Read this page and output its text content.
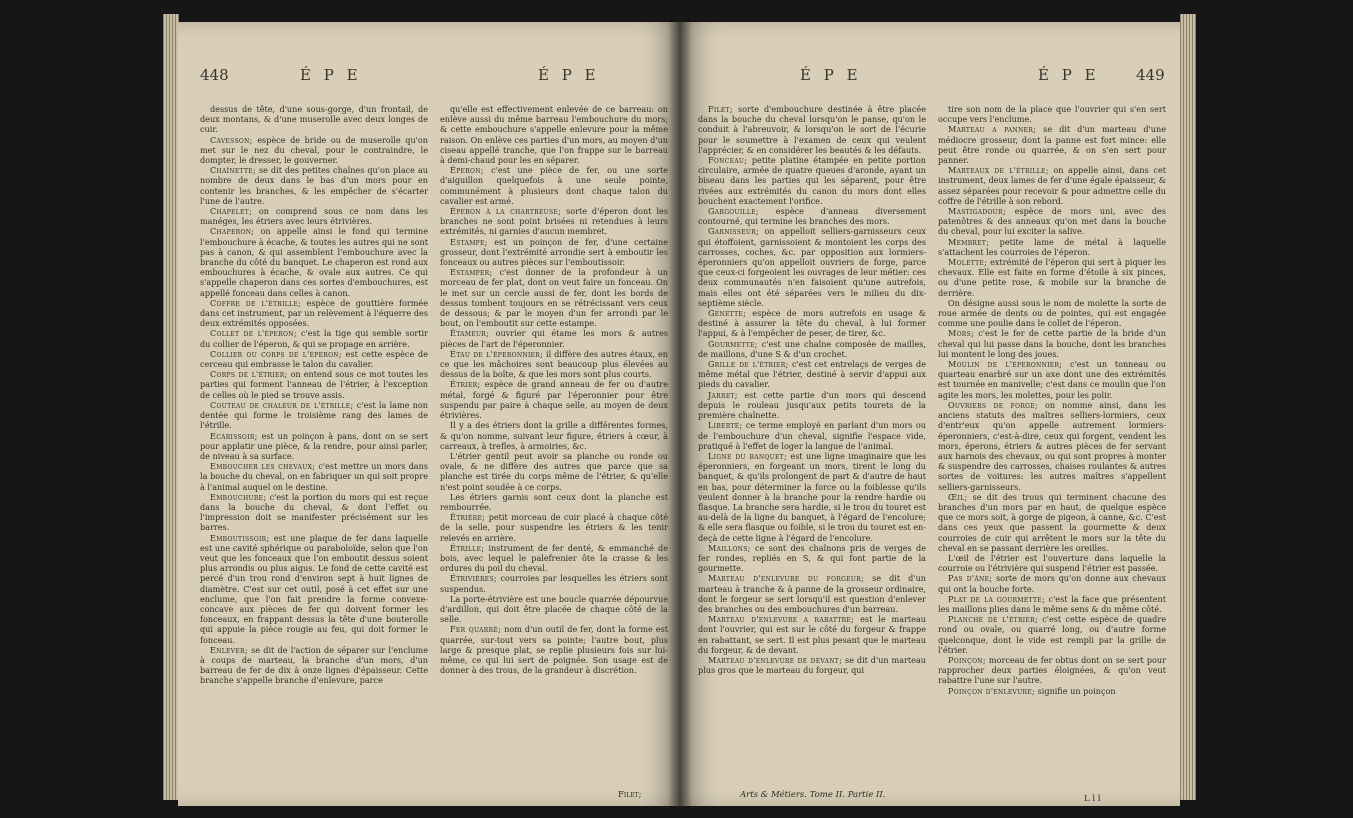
448	É P E	É P E

dessus de tête, d'une sous-gorge, d'un frontail, de deux montans, & d'une muserolle avec deux longes de cuir.

Cavesson; espèce de bride ou de muserolle qu'on met sur le nez du cheval, pour le contraindre, le dompter, le dresser, le gouverner.

Chaînette; se dit des petites chaînes qu'on place au nombre de deux dans le bas d'un mors pour en contenir les branches, & les empêcher de s'écarter l'une de l'autre.

Chapelet; on comprend sous ce nom dans les manéges, les étriers avec leurs étrivières.

Chaperon; on appelle ainsi le fond qui termine l'embouchure à écache, & toutes les autres qui ne sont pas à canon, & qui assemblent l'embouchure avec la branche du côté du banquet. Le chaperon est rond aux embouchures à écache, & ovale aux autres. Ce qui s'appelle chaperon dans ces sortes d'embouchures, est appellé fonceau dans celles à canon.

Coffre de l'étrille; espèce de gouttière formée dans cet instrument, par un relèvement à l'équerre des deux extrémités opposées.

Collet de l'éperon; c'est la tige qui semble sortir du collier de l'éperon, & qui se propage en arrière.

Collier ou corps de l'éperon; est cette espèce de cerceau qui embrasse le talon du cavalier.

Corps de l'étrier; on entend sous ce mot toutes les parties qui forment l'anneau de l'étrier, à l'exception de celles où le pied se trouve assis.

Couteau de chaleur de l'étrille; c'est la lame non dentée qui forme le troisième rang des lames de l'étrille.

Ecarissoir; est un poinçon à pans, dont on se sert pour applatir une pièce, & la rendre, pour ainsi parler, de niveau à sa surface.

Emboucher les chevaux; c'est mettre un mors dans la bouche du cheval, on en fabriquer un qui soit propre à l'animal auquel on le destine.

Embouchure; c'est la portion du mors qui est reçue dans la bouche du cheval, & dont l'effet ou l'impression doit se manifester précisément sur les barres.

Emboutissoir; est une plaque de fer dans laquelle est une cavité sphérique ou paraboloïde, selon que l'on veut que les fonceaux que l'on emboutit dessus soient plus arrondis ou plus aigus. Le fond de cette cavité est percé d'un trou rond d'environ sept à huit lignes de diamètre. C'est sur cet outil, posé à cet effet sur une enclume, que l'on fait prendre la forme convexe-concave aux pièces de fer qui doivent former les fonceaux, en frappant dessus la tête d'une bouterolle qui appuie la pièce rougie au feu, qui doit former le fonceau.

Enlever; se dit de l'action de séparer sur l'enclume à coups de marteau, la branche d'un mors, d'un barreau de fer de dix à onze lignes d'épaisseur. Cette branche s'appelle branche d'enlevure, parce

qu'elle est effectivement enlevée de ce barreau: on enlève aussi du même barreau l'embouchure du mors; & cette embouchure s'appelle enlevure pour la même raison. On enlève ces parties d'un mors, au moyen d'un ciseau appellé tranche, que l'on frappe sur le barreau à demi-chaud pour les en séparer.

Éperon; c'est une pièce de fer, ou une sorte d'aiguillon quelquefois à une seule pointe, communément à plusieurs dont chaque talon du cavalier est armé.

Éperon à la chartreuse; sorte d'éperon dont les branches ne sont point brisées ni retendues à leurs extrémités, ni garnies d'aucun membret.

Estampe; est un poinçon de fer, d'une certaine grosseur, dont l'extrémité arrondie sert à emboutir les fonceaux ou autres pièces sur l'emboutissoir.

Estamper; c'est donner de la profondeur à un morceau de fer plat, dont on veut faire un fonceau. On le met sur un cercle aussi de fer, dont les bords de dessus tombent toujours en se rétrécissant vers ceux de dessous; & par le moyen d'un fer arrondi par le bout, on l'emboutit sur cette estampe.

Étameur; ouvrier qui étame les mors & autres pièces de l'art de l'éperonnier.

Étau de l'éperonnier; il diffère des autres étaux, en ce que les mâchoires sont beaucoup plus élevées au dessus de la boîte, & que les mors sont plus courts.

Étrier; espèce de grand anneau de fer ou d'autre métal, forgé & figuré par l'éperonnier pour être suspendu par paire à chaque selle, au moyen de deux étrivières.

Il y a des étriers dont la grille a différentes formes, & qu'on nomme, suivant leur figure, étriers à cœur, à carreaux, à trefles, à armoiries, &c.

L'étrier gentil peut avoir sa planche ou ronde ou ovale, & ne diffère des autres que parce que sa planche est tirée du corps même de l'étrier, & qu'elle n'est point soudée à ce corps.

Les étriers garnis sont ceux dont la planche est rembourrée.

Étrière; petit morceau de cuir placé à chaque côté de la selle, pour suspendre les étriers & les tenir relevés en arrière.

Étrille; instrument de fer denté, & emmanché de bois, avec lequel le palefrenier ôte la crasse & les ordures du poil du cheval.

Étrivières; courroies par lesquelles les étriers sont suspendus.

La porte-étrivière est une boucle quarrée dépourvue d'ardillon, qui doit être placée de chaque côté de la selle.

Fer quarré; nom d'un outil de fer, dont la forme est quarrée, sur-tout vers sa pointe; l'autre bout, plus large & presque plat, se replie plusieurs fois sur lui-même, ce qui lui sert de poignée. Son usage est de donner à des trous, de la grandeur à discrétion.

Filet;
É P E	É P E 449

Filet; sorte d'embouchure destinée à être placée dans la bouche du cheval lorsqu'on le panse, qu'on le conduit à l'abreuvoir, & lorsqu'on le sort de l'écurie pour le soumettre à l'examen de ceux qui veulent l'apprécier, & en considérer les beautés & les défauts.

Fonceau; petite platine étampée en petite portion circulaire, armée de quatre queues d'aronde, ayant un biseau dans les parties qui les séparent, pour être rivées aux extrémités du canon du mors dont elles bouchent exactement l'orifice.

Gargouille; espèce d'anneau diversement contourné, qui termine les branches des mors.

Garnisseur; on appelloit selliers-garnisseurs ceux qui étoffoient, garnissoient & montoient les corps des carrosses, coches, &c. par opposition aux lormiers-éperonniers qu'on appelloit ouvriers de forge, parce que ceux-ci forgeoient les ouvrages de leur métier: ces deux communautés n'en faisoient qu'une autrefois, mais elles ont été séparées vers le milieu du dix-septième siècle.

Genette; espèce de mors autrefois en usage & destiné à assurer la tête du cheval, à lui former l'appui, & à l'empêcher de peser, de tirer, &c.

Gourmette; c'est une chaîne composée de mailles, de maillons, d'une S & d'un crochet.

Grille de l'étrier; c'est cet entrelaçs de verges de même métal que l'étrier, destiné à servir d'appui aux pieds du cavalier.

Jarret; est cette partie d'un mors qui descend depuis le rouleau jusqu'aux petits tourets de la première chaînette.

Liberté; ce terme employé en parlant d'un mors ou de l'embouchure d'un cheval, signifie l'espace vide, pratiqué à l'effet de loger la langue de l'animal.

Ligne du banquet; est une ligne imaginaire que les éperonniers, en forgeant un mors, tirent le long du banquet, & qu'ils prolongent de part & d'autre de haut en bas, pour déterminer la force ou la foiblesse qu'ils veulent donner à la branche pour la rendre hardie ou flasque. La branche sera hardie, si le trou du touret est au-delà de la ligne du banquet, à l'égard de l'encolure; & elle sera flasque ou foible, si le trou du touret est en-deçà de cette ligne à l'égard de l'encolure.

Maillons; ce sont des chaînons pris de verges de fer rondes, repliés en S, & qui font partie de la gourmette.

Marteau d'enlevure du forgeur; se dit d'un marteau à tranche & à panne de la grosseur ordinaire, dont le forgeur se sert lorsqu'il est question d'enlever des branches ou des embouchures d'un barreau.

Marteau d'enlevure a rabattre; est le marteau dont l'ouvrier, qui est sur le côté du forgeur & frappe en rabattant, se sert. Il est plus pesant que le marteau du forgeur, & de devant.

Marteau d'enlevure de devant; se dit d'un marteau plus gros que le marteau du forgeur, qui

tire son nom de la place que l'ouvrier qui s'en sert occupe vers l'enclume.

Marteau a panner; se dit d'un marteau d'une médiocre grosseur, dont la panne est fort mince: elle peut être ronde ou quarrée, & on s'en sert pour panner.

Marteaux de l'étrille; on appelle ainsi, dans cet instrument, deux lames de fer d'une égale épaisseur, & assez séparées pour recevoir & pour admettre celle du coffre de l'étrille à son rebord.

Mastigadour; espèce de mors uni, avec des patenôtres & des anneaux qu'on met dans la bouche du cheval, pour lui exciter la salive.

Membret; petite lame de métal à laquelle s'attachent les courroies de l'éperon.

Molette; extrémité de l'éperon qui sert à piquer les chevaux. Elle est faite en forme d'étoile à six pinces, ou d'une petite rose, & mobile sur la branche de derrière.

On désigne aussi sous le nom de molette la sorte de roue armée de dents ou de pointes, qui est engagée comme une poulie dans le collet de l'éperon.

Mors; c'est le fer de cette partie de la bride d'un cheval qui lui passe dans la bouche, dont les branches lui montent le long des joues.

Moulin de l'éperonnier; c'est un tonneau ou quarteau enarbré sur un axe dont une des extrémités est tournée en manivelle; c'est dans ce moulin que l'on agite les mors, les molettes, pour les polir.

Ouvriers de forge; on nomme ainsi, dans les anciens statuts des maîtres selliers-lormiers, ceux d'entr'eux qu'on appelle autrement lormiers-éperonniers, c'est-à-dire, ceux qui forgent, vendent les mors, éperons, étriers & autres pièces de fer servant aux harnois des chevaux, ou qui sont propres à monter & suspendre des carrosses, chaises roulantes & autres sortes de voitures: les autres maîtres s'appellent selliers-garnisseurs.

Œil; se dit des trous qui terminent chacune des branches d'un mors par en haut, de quelque espèce que ce mors soit, à gorge de pigeon, à canne, &c. C'est dans ces yeux que passent la gourmette & deux courroies de cuir qui arrêtent le mors sur la tête du cheval en se passant derrière les oreilles.

L'œil de l'étrier est l'ouverture dans laquelle la courroie ou l'étrivière qui suspend l'étrier est passée.

Pas d'âne; sorte de mors qu'on donne aux chevaux qui ont la bouche forte.

Plat de la gourmette; c'est la face que présentent les maillons plies dans le même sens & du même côté.

Planche de l'étrier; c'est cette espèce de quadre rond ou ovale, ou quarré long, ou d'autre forme quelconque, dont le vide est rempli par la grille de l'étrier.

Poinçon; morceau de fer obtus dont on se sert pour rapprocher deux parties éloignées, & qu'on veut rabattre l'une sur l'autre.

Poinçon d'enlevure; signifie un poinçon

Arts & Métiers. Tome II. Partie II.	L l l
